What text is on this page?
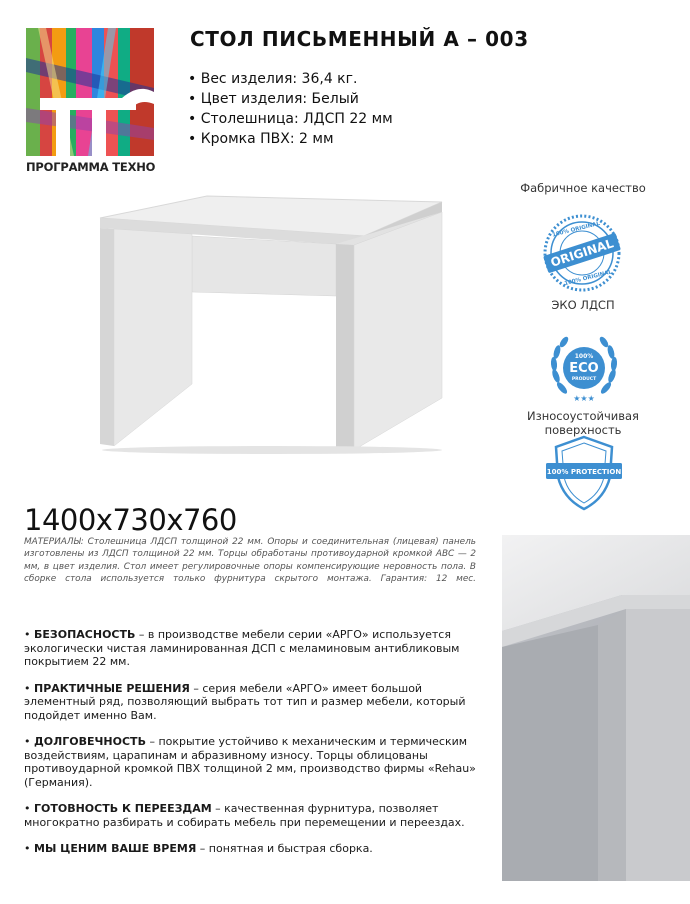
ПРОГРАММА ТЕХНО
СТОЛ ПИСЬМЕННЫЙ А – 003
• Вес изделия: 36,4 кг.
• Цвет изделия: Белый
• Столешница: ЛДСП 22 мм
• Кромка ПВХ: 2 мм
Фабричное качество
ORIGINAL
100% ORIGINAL
100% ORIGINAL
ЭКО ЛДСП
100%
ECO
PRODUCT
★★★
Износоустойчивая поверхность
100% PROTECTION
1400x730x760
МАТЕРИАЛЫ: Столешница ЛДСП толщиной 22 мм. Опоры и соединительная (лицевая) панель изготовлены из ЛДСП толщиной 22 мм. Торцы обработаны противоударной кромкой АВС — 2 мм, в цвет изделия. Стол имеет регулировочные опоры компенсирующие неровность пола. В сборке стола используется только фурнитура скрытого монтажа. Гарантия: 12 мес.
• БЕЗОПАСНОСТЬ – в производстве мебели серии «АРГО» используется экологически чистая ламинированная ДСП с меламиновым антибликовым покрытием 22 мм.
• ПРАКТИЧНЫЕ РЕШЕНИЯ – серия мебели «АРГО» имеет большой элементный ряд, позволяющий выбрать тот тип и размер мебели, который подойдет именно Вам.
• ДОЛГОВЕЧНОСТЬ – покрытие устойчиво к механическим и термическим воздействиям, царапинам и абразивному износу. Торцы облицованы противоударной кромкой ПВХ толщиной 2 мм, производство фирмы «Rehau» (Германия).
• ГОТОВНОСТЬ К ПЕРЕЕЗДАМ – качественная фурнитура, позволяет многократно разбирать и собирать мебель при перемещении и переездах.
• МЫ ЦЕНИМ ВАШЕ ВРЕМЯ – понятная и быстрая сборка.
